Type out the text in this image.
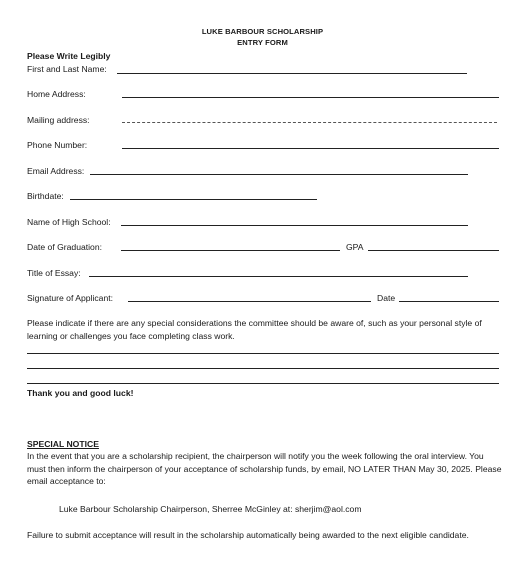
LUKE BARBOUR SCHOLARSHIP
ENTRY FORM
Please Write Legibly
First and Last Name:
Home Address:
Mailing address:
Phone Number:
Email Address:
Birthdate:
Name of High School:
Date of Graduation:	GPA
Title of Essay:
Signature of Applicant:	Date
Please indicate if there are any special considerations the committee should be aware of, such as your personal style of learning or challenges you face completing class work.
Thank you and good luck!
SPECIAL NOTICE
In the event that you are a scholarship recipient, the chairperson will notify you the week following the oral interview. You must then inform the chairperson of your acceptance of scholarship funds, by email, NO LATER THAN May 30, 2025. Please email acceptance to:
Luke Barbour Scholarship Chairperson, Sherree McGinley at: sherjim@aol.com
Failure to submit acceptance will result in the scholarship automatically being awarded to the next eligible candidate.
